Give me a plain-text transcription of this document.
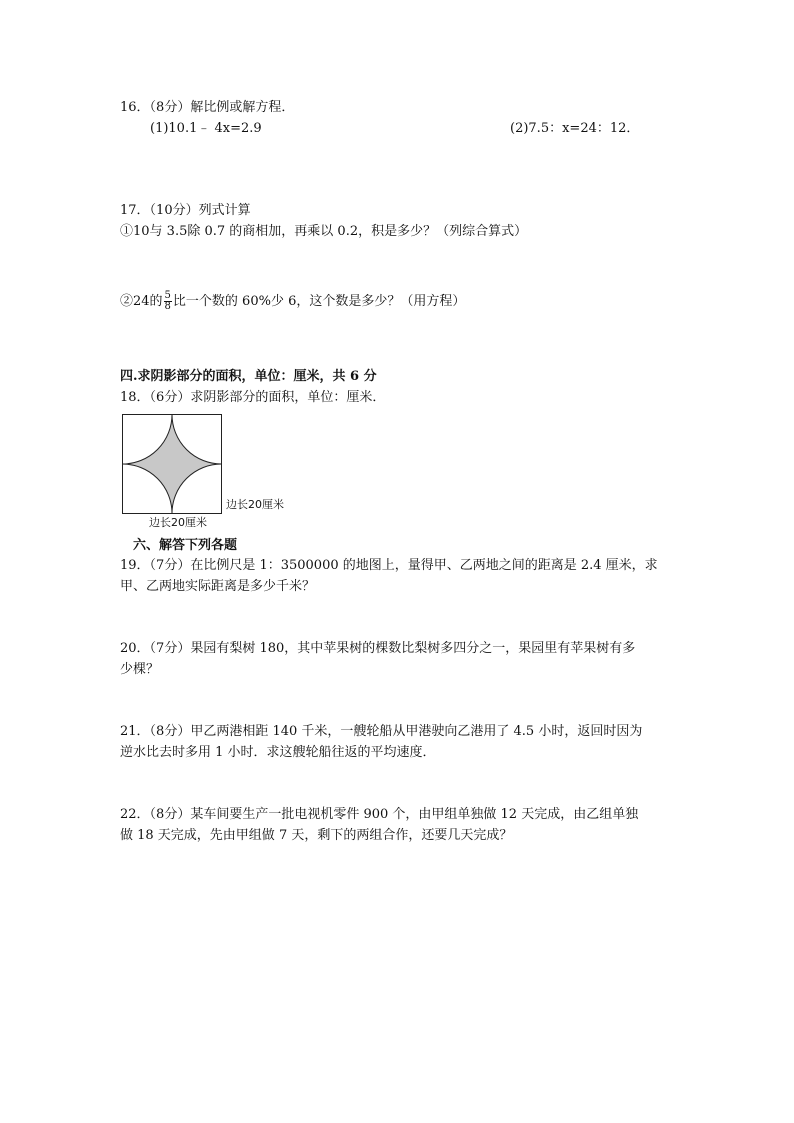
16．（8分）解比例或解方程．
(1)10.1﹣ 4x=2.9	(2)7.5：x=24：12．
17．（10分）列式计算
①10与 3.5除 0.7 的商相加，再乘以 0.2，积是多少？（列综合算式）
②24的 $\frac{5}{8}$ 比一个数的 60%少 6，这个数是多少？（用方程）
四.求阴影部分的面积，单位：厘米，共 6 分
18．（6分）求阴影部分的面积，单位：厘米．
边长20厘米
边长20厘米
六、解答下列各题
19．（7分）在比例尺是 1：3500000 的地图上，量得甲、乙两地之间的距离是 2.4 厘米，求
甲、乙两地实际距离是多少千米？
20．（7分）果园有梨树 180，其中苹果树的棵数比梨树多四分之一，果园里有苹果树有多
少棵？
21．（8分）甲乙两港相距 140 千米，一艘轮船从甲港驶向乙港用了 4.5 小时，返回时因为
逆水比去时多用 1 小时．求这艘轮船往返的平均速度．
22．（8分）某车间要生产一批电视机零件 900 个，由甲组单独做 12 天完成，由乙组单独
做 18 天完成，先由甲组做 7 天，剩下的两组合作，还要几天完成？
